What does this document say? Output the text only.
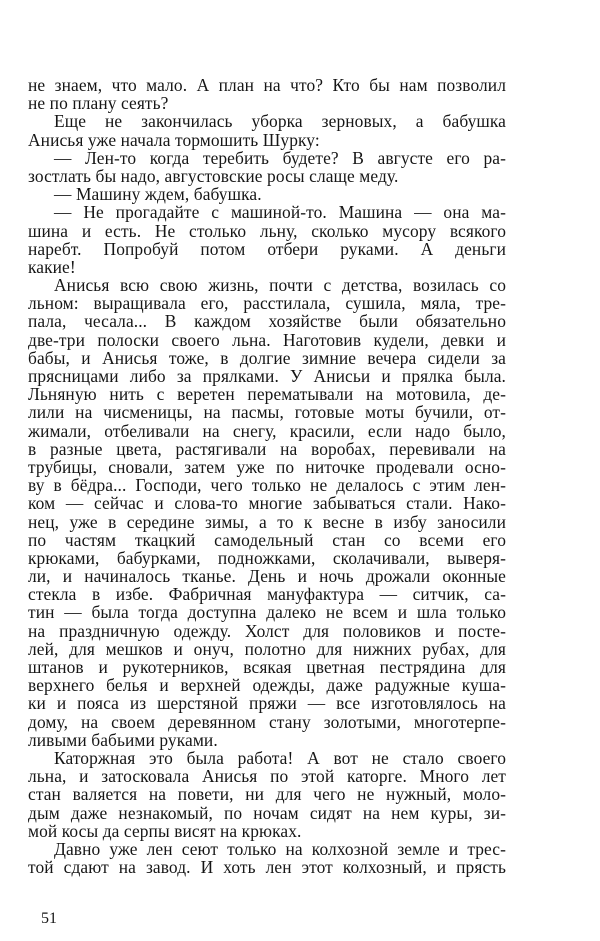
не знаем, что мало. А план на что? Кто бы нам позволил
не по плану сеять?
Еще не закончилась уборка зерновых, а бабушка
Анисья уже начала тормошить Шурку:
— Лен-то когда теребить будете? В августе его ра-
зостлать бы надо, августовские росы слаще меду.
— Машину ждем, бабушка.
— Не прогадайте с машиной-то. Машина — она ма-
шина и есть. Не столько льну, сколько мусору всякого
наребт. Попробуй потом отбери руками. А деньги
какие!
Анисья всю свою жизнь, почти с детства, возилась со
льном: выращивала его, расстилала, сушила, мяла, тре-
пала, чесала... В каждом хозяйстве были обязательно
две-три полоски своего льна. Наготовив кудели, девки и
бабы, и Анисья тоже, в долгие зимние вечера сидели за
прясницами либо за прялками. У Анисьи и прялка была.
Льняную нить с веретен перематывали на мотовила, де-
лили на чисменицы, на пасмы, готовые моты бучили, от-
жимали, отбеливали на снегу, красили, если надо было,
в разные цвета, растягивали на воробах, перевивали на
трубицы, сновали, затем уже по ниточке продевали осно-
ву в бёдра... Господи, чего только не делалось с этим лен-
ком — сейчас и слова-то многие забываться стали. Нако-
нец, уже в середине зимы, а то к весне в избу заносили
по частям ткацкий самодельный стан со всеми его
крюками, бабурками, подножками, сколачивали, выверя-
ли, и начиналось тканье. День и ночь дрожали оконные
стекла в избе. Фабричная мануфактура — ситчик, са-
тин — была тогда доступна далеко не всем и шла только
на праздничную одежду. Холст для половиков и посте-
лей, для мешков и онуч, полотно для нижних рубах, для
штанов и рукотерников, всякая цветная пестрядина для
верхнего белья и верхней одежды, даже радужные куша-
ки и пояса из шерстяной пряжи — все изготовлялось на
дому, на своем деревянном стану золотыми, многотерпе-
ливыми бабьими руками.
Каторжная это была работа! А вот не стало своего
льна, и затосковала Анисья по этой каторге. Много лет
стан валяется на повети, ни для чего не нужный, моло-
дым даже незнакомый, по ночам сидят на нем куры, зи-
мой косы да серпы висят на крюках.
Давно уже лен сеют только на колхозной земле и трес-
той сдают на завод. И хоть лен этот колхозный, и прясть
51
